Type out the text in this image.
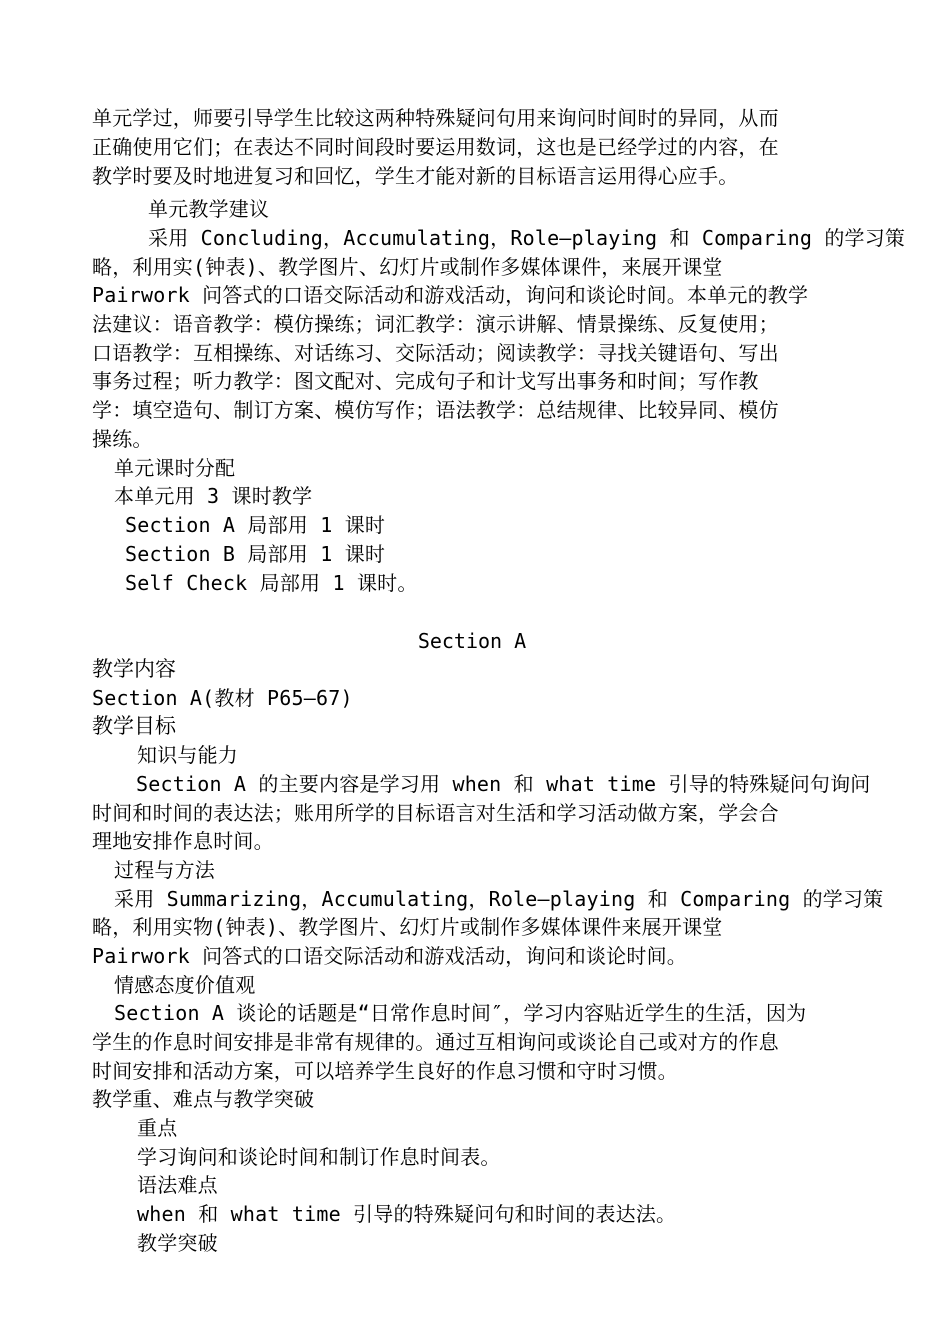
单元学过，师要引导学生比较这两种特殊疑问句用来询问时间时的异同，从而
正确使用它们；在表达不同时间段时要运用数词，这也是已经学过的内容，在
教学时要及时地进复习和回忆，学生才能对新的目标语言运用得心应手。
单元教学建议
采用 Concluding，Accumulating，Role—playing 和 Comparing 的学习策
略，利用实(钟表)、教学图片、幻灯片或制作多媒体课件，来展开课堂
Pairwork 问答式的口语交际活动和游戏活动，询问和谈论时间。本单元的教学
法建议：语音教学：模仿操练；词汇教学：演示讲解、情景操练、反复使用；
口语教学：互相操练、对话练习、交际活动；阅读教学：寻找关键语句、写出
事务过程；听力教学：图文配对、完成句子和计戈写出事务和时间；写作教
学：填空造句、制订方案、模仿写作；语法教学：总结规律、比较异同、模仿
操练。
单元课时分配
本单元用 3 课时教学
Section A 局部用 1 课时
Section B 局部用 1 课时
Self Check 局部用 1 课时。
Section A
教学内容
Section A(教材 P65—67)
教学目标
知识与能力
Section A 的主要内容是学习用 when 和 what time 引导的特殊疑问句询问
时间和时间的表达法；账用所学的目标语言对生活和学习活动做方案，学会合
理地安排作息时间。
过程与方法
采用 Summarizing，Accumulating，Role—playing 和 Comparing 的学习策
略，利用实物(钟表)、教学图片、幻灯片或制作多媒体课件来展开课堂
Pairwork 问答式的口语交际活动和游戏活动，询问和谈论时间。
情感态度价值观
Section A 谈论的话题是“日常作息时间″，学习内容贴近学生的生活，因为
学生的作息时间安排是非常有规律的。通过互相询问或谈论自己或对方的作息
时间安排和活动方案，可以培养学生良好的作息习惯和守时习惯。
教学重、难点与教学突破
重点
学习询问和谈论时间和制订作息时间表。
语法难点
when 和 what time 引导的特殊疑问句和时间的表达法。
教学突破
